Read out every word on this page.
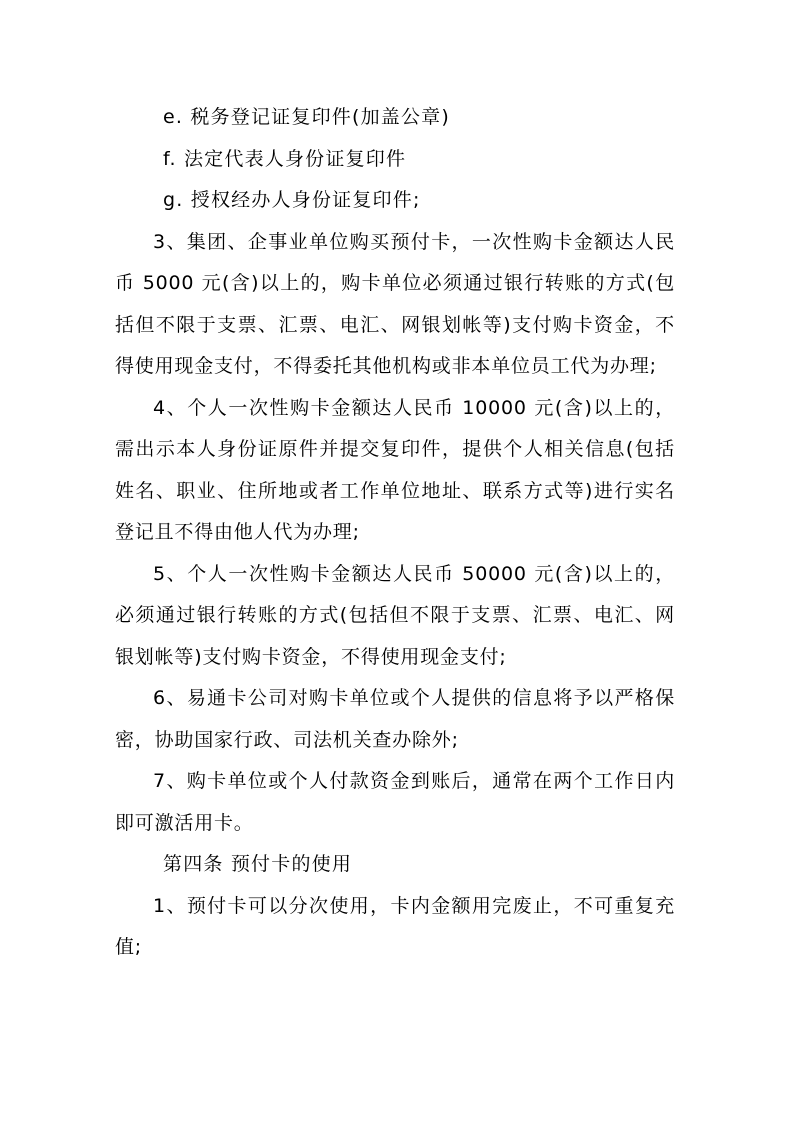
e. 税务登记证复印件(加盖公章)

f. 法定代表人身份证复印件

g. 授权经办人身份证复印件;

3、集团、企事业单位购买预付卡，一次性购卡金额达人民币 5000 元(含)以上的，购卡单位必须通过银行转账的方式(包括但不限于支票、汇票、电汇、网银划帐等)支付购卡资金，不得使用现金支付，不得委托其他机构或非本单位员工代为办理;

4、个人一次性购卡金额达人民币 10000 元(含)以上的，需出示本人身份证原件并提交复印件，提供个人相关信息(包括姓名、职业、住所地或者工作单位地址、联系方式等)进行实名登记且不得由他人代为办理;

5、个人一次性购卡金额达人民币 50000 元(含)以上的，必须通过银行转账的方式(包括但不限于支票、汇票、电汇、网银划帐等)支付购卡资金，不得使用现金支付;

6、易通卡公司对购卡单位或个人提供的信息将予以严格保密，协助国家行政、司法机关查办除外;

7、购卡单位或个人付款资金到账后，通常在两个工作日内即可激活用卡。

第四条 预付卡的使用

1、预付卡可以分次使用，卡内金额用完废止，不可重复充值;
